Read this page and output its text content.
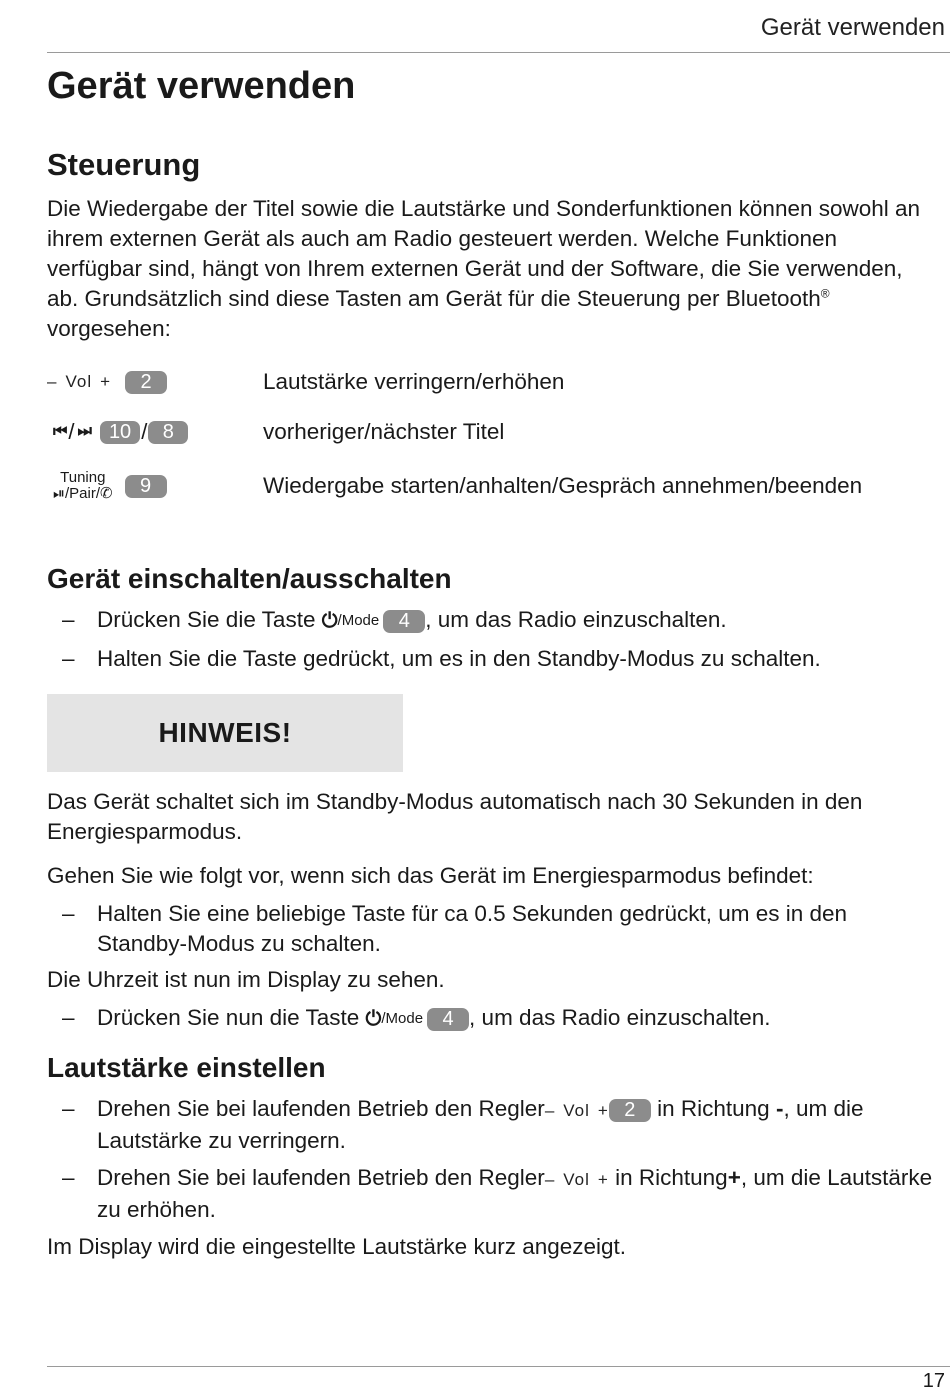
Gerät verwenden
Gerät verwenden
Steuerung

Die Wiedergabe der Titel sowie die Lautstärke und Sonderfunktionen können sowohl an ihrem externen Gerät als auch am Radio gesteuert werden. Welche Funktionen verfügbar sind, hängt von Ihrem externen Gerät und der Software, die Sie verwenden, ab. Grundsätzlich sind diese Tasten am Gerät für die Steuerung per Bluetooth®
vorgesehen:

– Vol +	2	Lautstärke verringern/erhöhen
⏮ / ⏭ 10 / 8	vorheriger/nächster Titel
Tuning
⏯/Pair/✆	9	Wiedergabe starten/anhalten/Gespräch annehmen/beenden
Gerät einschalten/ausschalten
– Drücken Sie die Taste ⏻ /Mode 4 , um das Radio einzuschalten.
– Halten Sie die Taste gedrückt, um es in den Standby-Modus zu schalten.
HINWEIS!

Das Gerät schaltet sich im Standby-Modus automatisch nach 30 Sekunden in den Energiesparmodus.

Gehen Sie wie folgt vor, wenn sich das Gerät im Energiesparmodus befindet:

– Halten Sie eine beliebige Taste für ca 0.5 Sekunden gedrückt, um es in den Standby-Modus zu schalten.

Die Uhrzeit ist nun im Display zu sehen.

– Drücken Sie nun die Taste ⏻ /Mode 4 , um das Radio einzuschalten.
Lautstärke einstellen
– Drehen Sie bei laufenden Betrieb den Regler– Vol + 2 in Richtung -, um die Lautstärke zu verringern.
– Drehen Sie bei laufenden Betrieb den Regler– Vol + in Richtung+, um die Lautstärke zu erhöhen.

Im Display wird die eingestellte Lautstärke kurz angezeigt.

17
